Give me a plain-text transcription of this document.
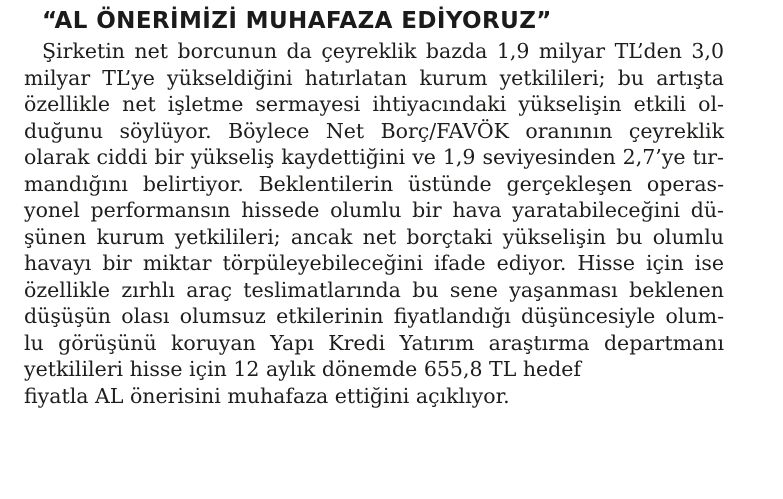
“AL ÖNERİMİZİ MUHAFAZA EDİYORUZ”
Şirketin net borcunun da çeyreklik bazda 1,9 milyar TL’den 3,0
milyar TL’ye yükseldiğini hatırlatan kurum yetkilileri; bu artışta
özellikle net işletme sermayesi ihtiyacındaki yükselişin etkili ol-
duğunu söylüyor. Böylece Net Borç/FAVÖK oranının çeyreklik
olarak ciddi bir yükseliş kaydettiğini ve 1,9 seviyesinden 2,7’ye tır-
mandığını belirtiyor. Beklentilerin üstünde gerçekleşen operas-
yonel performansın hissede olumlu bir hava yaratabileceğini dü-
şünen kurum yetkilileri; ancak net borçtaki yükselişin bu olumlu
havayı bir miktar törpüleyebileceğini ifade ediyor. Hisse için ise
özellikle zırhlı araç teslimatlarında bu sene yaşanması beklenen
düşüşün olası olumsuz etkilerinin fiyatlandığı düşüncesiyle olum-
lu görüşünü koruyan Yapı Kredi Yatırım araştırma departmanı
yetkilileri hisse için 12 aylık dönemde 655,8 TL hedef
fiyatla AL önerisini muhafaza ettiğini açıklıyor.
